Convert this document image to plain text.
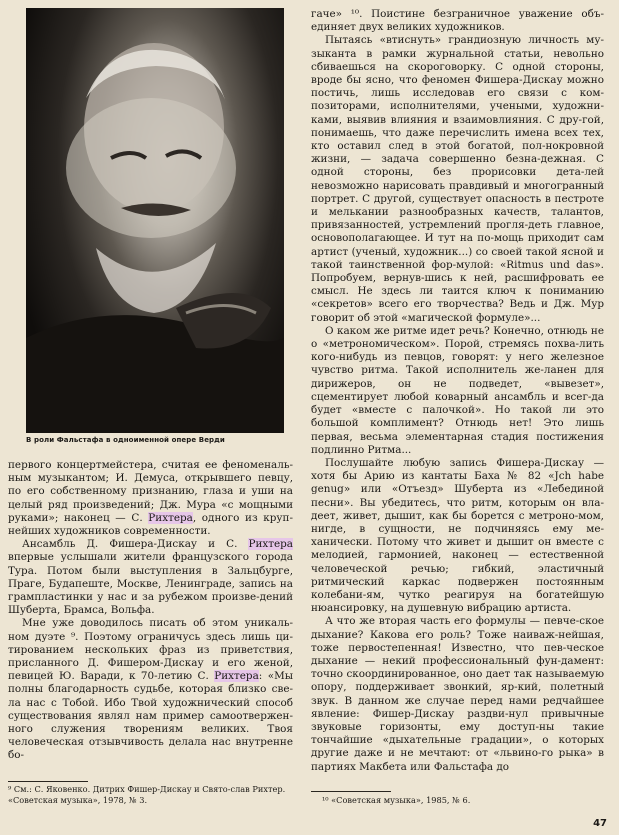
В роли Фальстафа в одноименной опере Верди

первого концертмейстера, считая ее феноменаль-ным музыкантом; И. Демуса, открывшего певцу, по его собственному признанию, глаза и уши на целый ряд произведений; Дж. Мура «с мощными руками»; наконец — С. Рихтера, одного из круп-нейших художников современности.

Ансамбль Д. Фишера-Дискау и С. Рихтера впервые услышали жители французского города Тура. Потом были выступления в Зальцбурге, Праге, Будапеште, Москве, Ленинграде, запись на грампластинки у нас и за рубежом произве-дений Шуберта, Брамса, Вольфа.

Мне уже доводилось писать об этом уникаль-ном дуэте ⁹. Поэтому ограничусь здесь лишь ци-тированием нескольких фраз из приветствия, присланного Д. Фишером-Дискау и его женой, певицей Ю. Варади, к 70-летию С. Рихтера: «Мы полны благодарность судьбе, которая близко све-ла нас с Тобой. Ибо Твой художнический способ существования являл нам пример самоотвержен-ного служения творениям великих. Твоя человеческая отзывчивость делала нас внутренне бо-

⁹ См.: С. Яковенко. Дитрих Фишер-Дискау и Свято-слав Рихтер. «Советская музыка», 1978, № 3.

гаче» ¹⁰. Поистине безграничное уважение объ-единяет двух великих художников.

Пытаясь «втиснуть» грандиозную личность му-зыканта в рамки журнальной статьи, невольно сбиваешься на скороговорку. С одной стороны, вроде бы ясно, что феномен Фишера-Дискау можно постичь, лишь исследовав его связи с ком-позиторами, исполнителями, учеными, художни-ками, выявив влияния и взаимовлияния. С дру-гой, понимаешь, что даже перечислить имена всех тех, кто оставил след в этой богатой, пол-нокровной жизни, — задача совершенно безна-дежная. С одной стороны, без прорисовки дета-лей невозможно нарисовать правдивый и многогранный портрет. С другой, существует опасность в пестроте и мелькании разнообразных качеств, талантов, привязанностей, устремлений прогля-деть главное, основополагающее. И тут на по-мощь приходит сам артист (ученый, художник...) со своей такой ясной и такой таинственной фор-мулой: «Ritmus und das». Попробуем, вернув-шись к ней, расшифровать ее смысл. Не здесь ли таится ключ к пониманию «секретов» всего его творчества? Ведь и Дж. Мур говорит об этой «магической формуле»...

О каком же ритме идет речь? Конечно, отнюдь не о «метрономическом». Порой, стремясь похва-лить кого-нибудь из певцов, говорят: у него железное чувство ритма. Такой исполнитель же-ланен для дирижеров, он не подведет, «вывезет», сцементирует любой коварный ансамбль и всег-да будет «вместе с палочкой». Но такой ли это большой комплимент? Отнюдь нет! Это лишь первая, весьма элементарная стадия постижения подлинно Ритма...

Послушайте любую запись Фишера-Дискау — хотя бы Арию из кантаты Баха № 82 «Jch habe genug» или «Отъезд» Шуберта из «Лебединой песни». Вы убедитесь, что ритм, которым он вла-деет, живет, дышит, как бы борется с метроно-мом, нигде, в сущности, не подчиняясь ему ме-ханически. Потому что живет и дышит он вместе с мелодией, гармонией, наконец — естественной человеческой речью; гибкий, эластичный ритмический каркас подвержен постоянным колебани-ям, чутко реагируя на богатейшую нюансировку, на душевную вибрацию артиста.

А что же вторая часть его формулы — певче-ское дыхание? Какова его роль? Тоже наиваж-нейшая, тоже первостепенная! Известно, что пев-ческое дыхание — некий профессиональный фун-дамент: точно скоординированное, оно дает так называемую опору, поддерживает звонкий, яр-кий, полетный звук. В данном же случае перед нами редчайшее явление: Фишер-Дискау раздви-нул привычные звуковые горизонты, ему доступ-ны такие тончайшие «дыхательные градации», о которых другие даже и не мечтают: от «львино-го рыка» в партиях Макбета или Фальстафа до

¹⁰ «Советская музыка», 1985, № 6.
47
